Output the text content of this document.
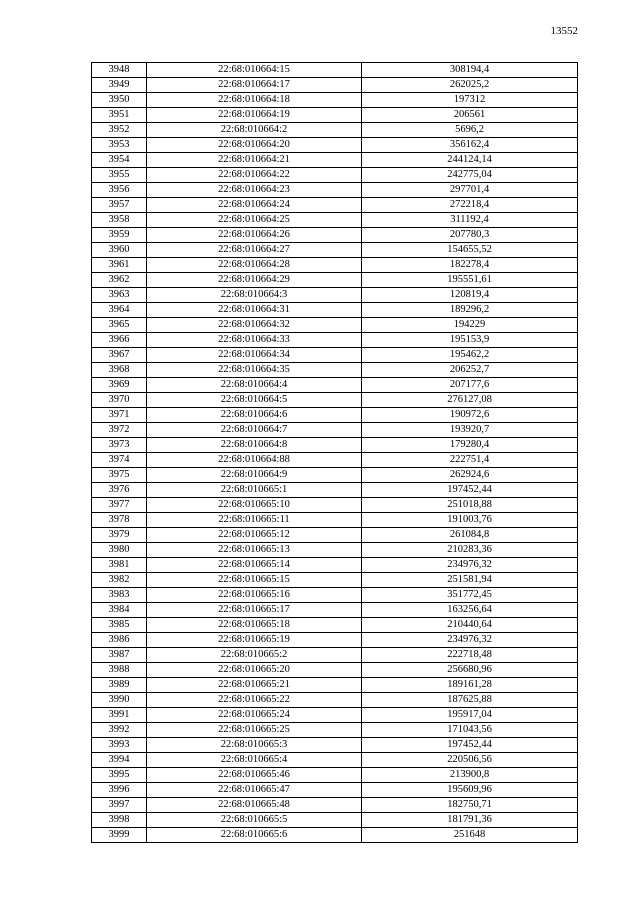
13552
3948	22:68:010664:15	308194,4
3949	22:68:010664:17	262025,2
3950	22:68:010664:18	197312
3951	22:68:010664:19	206561
3952	22:68:010664:2	5696,2
3953	22:68:010664:20	356162,4
3954	22:68:010664:21	244124,14
3955	22:68:010664:22	242775,04
3956	22:68:010664:23	297701,4
3957	22:68:010664:24	272218,4
3958	22:68:010664:25	311192,4
3959	22:68:010664:26	207780,3
3960	22:68:010664:27	154655,52
3961	22:68:010664:28	182278,4
3962	22:68:010664:29	195551,61
3963	22:68:010664:3	120819,4
3964	22:68:010664:31	189296,2
3965	22:68:010664:32	194229
3966	22:68:010664:33	195153,9
3967	22:68:010664:34	195462,2
3968	22:68:010664:35	206252,7
3969	22:68:010664:4	207177,6
3970	22:68:010664:5	276127,08
3971	22:68:010664:6	190972,6
3972	22:68:010664:7	193920,7
3973	22:68:010664:8	179280,4
3974	22:68:010664:88	222751,4
3975	22:68:010664:9	262924,6
3976	22:68:010665:1	197452,44
3977	22:68:010665:10	251018,88
3978	22:68:010665:11	191003,76
3979	22:68:010665:12	261084,8
3980	22:68:010665:13	210283,36
3981	22:68:010665:14	234976,32
3982	22:68:010665:15	251581,94
3983	22:68:010665:16	351772,45
3984	22:68:010665:17	163256,64
3985	22:68:010665:18	210440,64
3986	22:68:010665:19	234976,32
3987	22:68:010665:2	222718,48
3988	22:68:010665:20	256680,96
3989	22:68:010665:21	189161,28
3990	22:68:010665:22	187625,88
3991	22:68:010665:24	195917,04
3992	22:68:010665:25	171043,56
3993	22:68:010665:3	197452,44
3994	22:68:010665:4	220506,56
3995	22:68:010665:46	213900,8
3996	22:68:010665:47	195609,96
3997	22:68:010665:48	182750,71
3998	22:68:010665:5	181791,36
3999	22:68:010665:6	251648
